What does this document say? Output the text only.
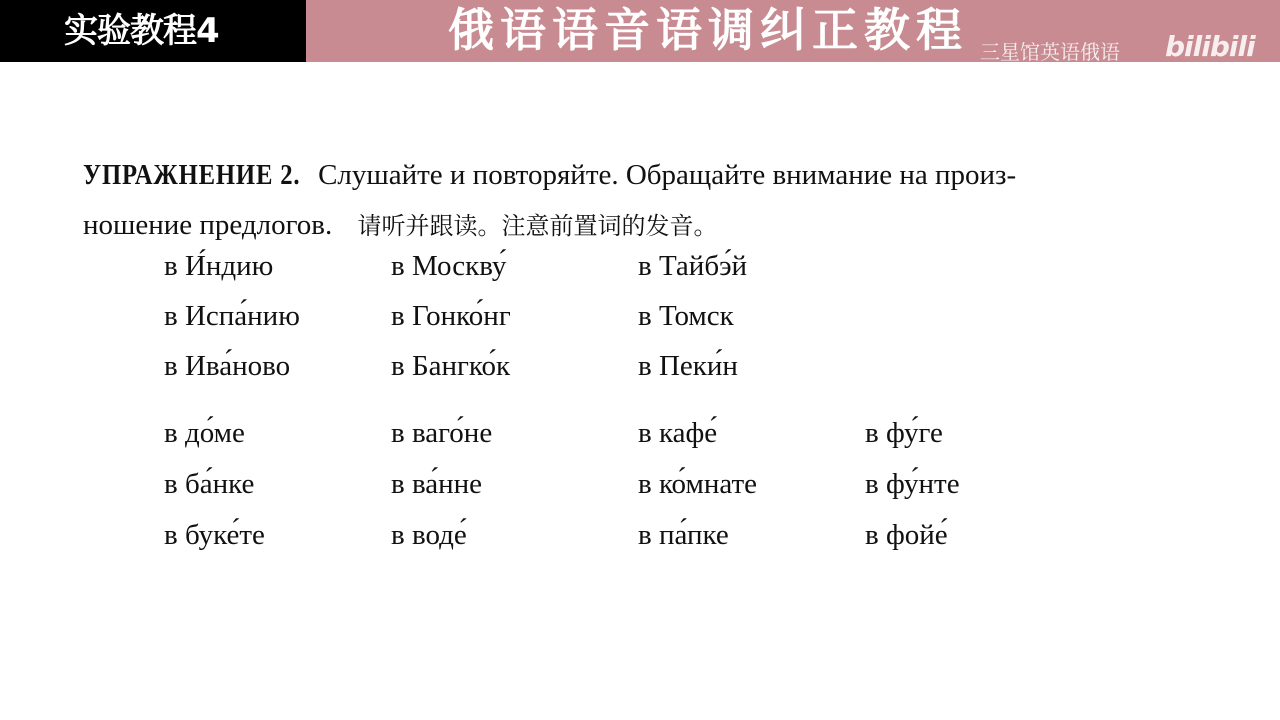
实验教程4	俄语语音语调纠正教程 三星馆英语俄语 bilibili
УПРАЖНЕНИЕ 2. Слушайте и повторяйте. Обращайте внимание на произ-
ношение предлогов. 请听并跟读。注意前置词的发音。
в И́ндию	в Москву́	в Тайбэ́й
в Испа́нию	в Гонко́нг	в Томск
в Ива́ново	в Бангко́к	в Пеки́н
в до́ме	в ваго́не	в кафе́	в фу́ге
в ба́нке	в ва́нне	в ко́мнате	в фу́нте
в буке́те	в воде́	в па́пке	в фойе́
